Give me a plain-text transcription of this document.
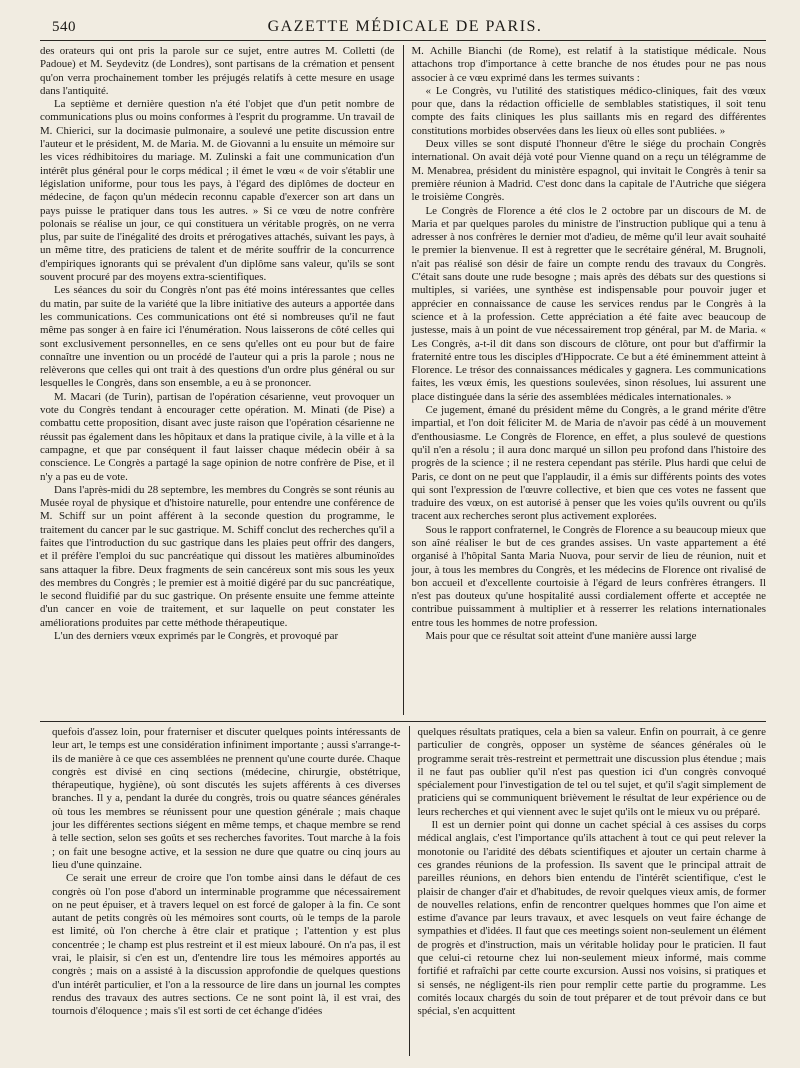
540	GAZETTE MÉDICALE DE PARIS.

des orateurs qui ont pris la parole sur ce sujet, entre autres M. Colletti (de Padoue) et M. Seydevitz (de Londres), sont partisans de la crémation et pensent qu'on verra prochainement tomber les préjugés relatifs à cette mesure en usage dans l'antiquité.

La septième et dernière question n'a été l'objet que d'un petit nombre de communications plus ou moins conformes à l'esprit du programme. Un travail de M. Chierici, sur la docimasie pulmonaire, a soulevé une petite discussion entre l'auteur et le président, M. de Maria. M. de Giovanni a lu ensuite un mémoire sur les vices rédhibitoires du mariage. M. Zulinski a fait une communication d'un intérêt plus général pour le corps médical ; il émet le vœu « de voir s'établir une législation uniforme, pour tous les pays, à l'égard des diplômes de docteur en médecine, de façon qu'un médecin reconnu capable d'exercer son art dans un pays puisse le pratiquer dans tous les autres. » Si ce vœu de notre confrère polonais se réalise un jour, ce qui constituera un véritable progrès, on ne verra plus, par suite de l'inégalité des droits et prérogatives attachés, suivant les pays, à un même titre, des praticiens de talent et de mérite souffrir de la concurrence d'empiriques ignorants qui se prévalent d'un diplôme sans valeur, qu'ils se sont souvent procuré par des moyens extra-scientifiques.

Les séances du soir du Congrès n'ont pas été moins intéressantes que celles du matin, par suite de la variété que la libre initiative des auteurs a apportée dans les communications. Ces communications ont été si nombreuses qu'il ne faut même pas songer à en faire ici l'énumération. Nous laisserons de côté celles qui sont exclusivement personnelles, en ce sens qu'elles ont eu pour but de faire connaître une invention ou un procédé de l'auteur qui a pris la parole ; nous ne relèverons que celles qui ont trait à des questions d'un ordre plus général ou sur lesquelles le Congrès, dans son ensemble, a eu à se prononcer.

M. Macari (de Turin), partisan de l'opération césarienne, veut provoquer un vote du Congrès tendant à encourager cette opération. M. Minati (de Pise) a combattu cette proposition, disant avec juste raison que l'opération césarienne ne réussit pas également dans les hôpitaux et dans la pratique civile, à la ville et à la campagne, et que par conséquent il faut laisser chaque médecin obéir à sa conscience. Le Congrès a partagé la sage opinion de notre confrère de Pise, et il n'y a pas eu de vote.

Dans l'après-midi du 28 septembre, les membres du Congrès se sont réunis au Musée royal de physique et d'histoire naturelle, pour entendre une conférence de M. Schiff sur un point afférent à la seconde question du programme, le traitement du cancer par le suc gastrique. M. Schiff conclut des recherches qu'il a faites que l'introduction du suc gastrique dans les plaies peut offrir des dangers, et il préfère l'emploi du suc pancréatique qui dissout les matières albuminoïdes sans attaquer la fibre. Deux fragments de sein cancéreux sont mis sous les yeux des membres du Congrès ; le premier est à moitié digéré par du suc pancréatique, le second fluidifié par du suc gastrique. On présente ensuite une femme atteinte d'un cancer en voie de traitement, et sur laquelle on peut constater les améliorations produites par cette méthode thérapeutique.

L'un des derniers vœux exprimés par le Congrès, et provoqué par

M. Achille Bianchi (de Rome), est relatif à la statistique médicale. Nous attachons trop d'importance à cette branche de nos études pour ne pas nous associer à ce vœu exprimé dans les termes suivants :

« Le Congrès, vu l'utilité des statistiques médico-cliniques, fait des vœux pour que, dans la rédaction officielle de semblables statistiques, il soit tenu compte des faits cliniques les plus saillants mis en regard des différentes constitutions morbides observées dans les lieux où elles sont publiées. »

Deux villes se sont disputé l'honneur d'être le siége du prochain Congrès international. On avait déjà voté pour Vienne quand on a reçu un télégramme de M. Menabrea, président du ministère espagnol, qui invitait le Congrès à tenir sa première réunion à Madrid. C'est donc dans la capitale de l'Autriche que siégera le troisième Congrès.

Le Congrès de Florence a été clos le 2 octobre par un discours de M. de Maria et par quelques paroles du ministre de l'instruction publique qui a tenu à adresser à nos confrères le dernier mot d'adieu, de même qu'il leur avait souhaité le premier la bienvenue. Il est à regretter que le secrétaire général, M. Brugnoli, n'ait pas réalisé son désir de faire un compte rendu des travaux du Congrès. C'était sans doute une rude besogne ; mais après des débats sur des questions si multiples, si variées, une synthèse est indispensable pour pouvoir juger et apprécier en connaissance de cause les services rendus par le Congrès à la science et à la profession. Cette appréciation a été faite avec beaucoup de justesse, mais à un point de vue nécessairement trop général, par M. de Maria. « Les Congrès, a-t-il dit dans son discours de clôture, ont pour but d'affirmir la fraternité entre tous les disciples d'Hippocrate. Ce but a été éminemment atteint à Florence. Le trésor des connaissances médicales y gagnera. Les communications faites, les vœux émis, les questions soulevées, sinon résolues, lui assurent une place distinguée dans la série des assemblées médicales internationales. »

Ce jugement, émané du président même du Congrès, a le grand mérite d'être impartial, et l'on doit féliciter M. de Maria de n'avoir pas cédé à un mouvement d'enthousiasme. Le Congrès de Florence, en effet, a plus soulevé de questions qu'il n'en a résolu ; il aura donc marqué un sillon peu profond dans l'histoire des progrès de la science ; il ne restera cependant pas stérile. Plus hardi que celui de Paris, ce dont on ne peut que l'applaudir, il a émis sur différents points des votes qui sont l'expression de l'œuvre collective, et bien que ces votes ne fassent que traduire des vœux, on est autorisé à penser que les voies qu'ils ouvrent ou qu'ils tracent aux recherches seront plus activement explorées.

Sous le rapport confraternel, le Congrès de Florence a su beaucoup mieux que son aîné réaliser le but de ces grandes assises. Un vaste appartement a été organisé à l'hôpital Santa Maria Nuova, pour servir de lieu de réunion, nuit et jour, à tous les membres du Congrès, et les médecins de Florence ont rivalisé de bon accueil et d'excellente courtoisie à l'égard de leurs confrères étrangers. Il n'est pas douteux qu'une hospitalité aussi cordialement offerte et acceptée ne contribue puissamment à multiplier et à resserrer les relations internationales entre tous les hommes de notre profession.

Mais pour que ce résultat soit atteint d'une manière aussi large

quefois d'assez loin, pour fraterniser et discuter quelques points intéressants de leur art, le temps est une considération infiniment importante ; aussi s'arrange-t-ils de manière à ce que ces assemblées ne prennent qu'une courte durée. Chaque congrès est divisé en cinq sections (médecine, chirurgie, obstétrique, thérapeutique, hygiène), où sont discutés les sujets afférents à ces diverses branches. Il y a, pendant la durée du congrès, trois ou quatre séances générales où tous les membres se réunissent pour une question générale ; mais chaque jour les différentes sections siégent en même temps, et chaque membre se rend à telle section, selon ses goûts et ses recherches favorites. Tout marche à la fois ; on fait une besogne active, et la session ne dure que quatre ou cinq jours au lieu d'une quinzaine.

Ce serait une erreur de croire que l'on tombe ainsi dans le défaut de ces congrès où l'on pose d'abord un interminable programme que nécessairement on ne peut épuiser, et à travers lequel on est forcé de galoper à la fin. Ce sont autant de petits congrès où les mémoires sont courts, où le temps de la parole est limité, où l'on cherche à être clair et pratique ; l'attention y est plus concentrée ; le champ est plus restreint et il est mieux labouré. On n'a pas, il est vrai, le plaisir, si c'en est un, d'entendre lire tous les mémoires apportés au congrès ; mais on a assisté à la discussion approfondie de quelques questions d'un intérêt particulier, et l'on a la ressource de lire dans un journal les comptes rendus des travaux des autres sections. Ce ne sont point là, il est vrai, des tournois d'éloquence ; mais s'il est sorti de cet échange d'idées

quelques résultats pratiques, cela a bien sa valeur. Enfin on pourrait, à ce genre particulier de congrès, opposer un système de séances générales où le programme serait très-restreint et permettrait une discussion plus étendue ; mais il ne faut pas oublier qu'il n'est pas question ici d'un congrès convoqué spécialement pour l'investigation de tel ou tel sujet, et qu'il s'agit simplement de praticiens qui se communiquent brièvement le résultat de leur expérience ou de leurs recherches et qui viennent avec le sujet qu'ils ont le mieux vu ou préparé.

Il est un dernier point qui donne un cachet spécial à ces assises du corps médical anglais, c'est l'importance qu'ils attachent à tout ce qui peut relever la monotonie ou l'aridité des débats scientifiques et ajouter un certain charme à ces grandes réunions de la profession. Ils savent que le principal attrait de pareilles réunions, en dehors bien entendu de l'intérêt scientifique, c'est le plaisir de changer d'air et d'habitudes, de revoir quelques vieux amis, de former de nouvelles relations, enfin de rencontrer quelques hommes que l'on aime et estime d'avance par leurs travaux, et avec lesquels on veut faire échange de sympathies et d'idées. Il faut que ces meetings soient non-seulement un élément de progrès et d'instruction, mais un véritable holiday pour le praticien. Il faut que celui-ci retourne chez lui non-seulement mieux informé, mais comme fortifié et rafraîchi par cette courte excursion. Aussi nos voisins, si pratiques et si sensés, ne négligent-ils rien pour remplir cette partie du programme. Les comités locaux chargés du soin de tout préparer et de tout prévoir dans ce but spécial, s'en acquittent
